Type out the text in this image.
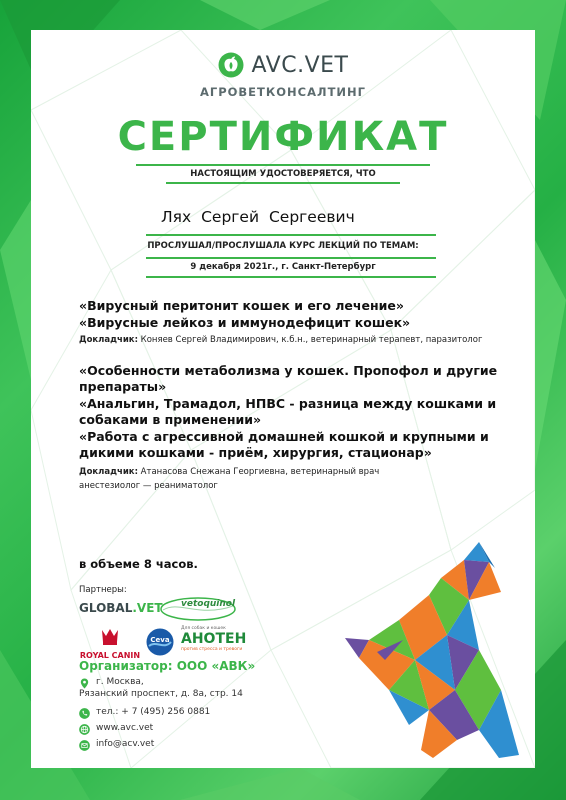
AVC.VET
АГРОВЕТКОНСАЛТИНГ
СЕРТИФИКАТ
НАСТОЯЩИМ УДОСТОВЕРЯЕТСЯ, ЧТО
Лях Сергей Сергеевич
ПРОСЛУШАЛ/ПРОСЛУШАЛА КУРС ЛЕКЦИЙ ПО ТЕМАМ:
9 декабря 2021г., г. Санкт-Петербург
«Вирусный перитонит кошек и его лечение»
«Вирусные лейкоз и иммунодефицит кошек»
Докладчик: Коняев Сергей Владимирович, к.б.н., ветеринарный терапевт, паразитолог
«Особенности метаболизма у кошек. Пропофол и другие препараты»
«Анальгин, Трамадол, НПВС - разница между кошками и собаками в применении»
«Работа с агрессивной домашней кошкой и крупными и дикими кошками - приём, хирургия, стационар»
Докладчик: Атанасова Снежана Георгиевна, ветеринарный врач
анестезиолог — реаниматолог
в объеме 8 часов.
Партнеры:
GLOBAL.VET vetoquinol
ROYAL CANIN
Ceva
Для собак и кошек
АНОТЕН
против стресса и тревоги
Организатор: ООО «АВК»
г. Москва,
Рязанский проспект, д. 8а, стр. 14
тел.: + 7 (495) 256 0881
www.avc.vet
info@acv.vet
